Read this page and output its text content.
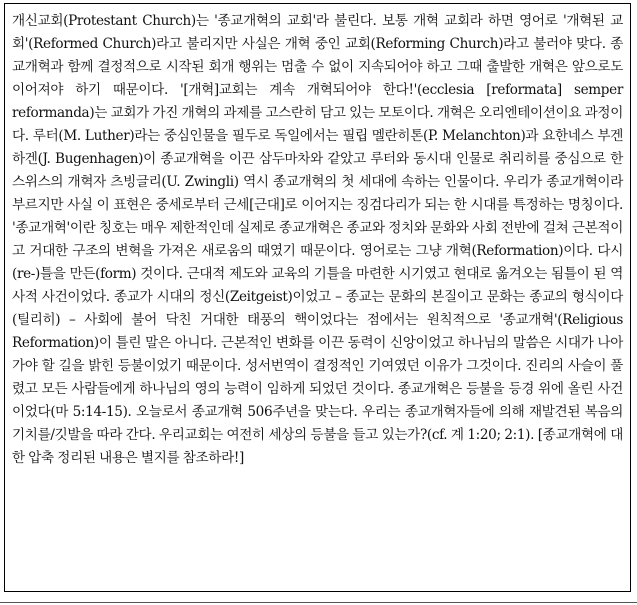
개신교회(Protestant Church)는 '종교개혁의 교회'라 불린다. 보통 개혁 교회라 하면 영어로 '개혁된 교회'(Reformed Church)라고 불리지만 사실은 개혁 중인 교회(Reforming Church)라고 불러야 맞다. 종교개혁과 함께 결정적으로 시작된 회개 행위는 멈출 수 없이 지속되어야 하고 그때 출발한 개혁은 앞으로도 이어져야 하기 때문이다. '[개혁]교회는 계속 개혁되어야 한다!'(ecclesia [reformata] semper reformanda)는 교회가 가진 개혁의 과제를 고스란히 담고 있는 모토이다. 개혁은 오리엔테이션이요 과정이다. 루터(M. Luther)라는 중심인물을 필두로 독일에서는 필립 멜란히톤(P. Melanchton)과 요한네스 부겐하겐(J. Bugenhagen)이 종교개혁을 이끈 삼두마차와 같았고 루터와 동시대 인물로 취리히를 중심으로 한 스위스의 개혁자 츠빙글리(U. Zwingli) 역시 종교개혁의 첫 세대에 속하는 인물이다. 우리가 종교개혁이라 부르지만 사실 이 표현은 중세로부터 근세[근대]로 이어지는 징검다리가 되는 한 시대를 특정하는 명칭이다. '종교개혁'이란 칭호는 매우 제한적인데 실제로 종교개혁은 종교와 정치와 문화와 사회 전반에 걸쳐 근본적이고 거대한 구조의 변혁을 가져온 새로움의 때였기 때문이다. 영어로는 그냥 개혁(Reformation)이다. 다시(re-)틀을 만든(form) 것이다. 근대적 제도와 교육의 기틀을 마련한 시기였고 현대로 옮겨오는 됨틀이 된 역사적 사건이었다. 종교가 시대의 정신(Zeitgeist)이었고 – 종교는 문화의 본질이고 문화는 종교의 형식이다(틸리히) – 사회에 불어 닥친 거대한 태풍의 핵이었다는 점에서는 원칙적으로 '종교개혁'(Religious Reformation)이 틀린 말은 아니다. 근본적인 변화를 이끈 동력이 신앙이었고 하나님의 말씀은 시대가 나아가야 할 길을 밝힌 등불이었기 때문이다. 성서번역이 결정적인 기여였던 이유가 그것이다. 진리의 사슬이 풀렸고 모든 사람들에게 하나님의 영의 능력이 임하게 되었던 것이다. 종교개혁은 등불을 등경 위에 올린 사건이었다(마 5:14-15). 오늘로서 종교개혁 506주년을 맞는다. 우리는 종교개혁자들에 의해 재발견된 복음의 기치를/깃발을 따라 간다. 우리교회는 여전히 세상의 등불을 들고 있는가?(cf. 계 1:20; 2:1). [종교개혁에 대한 압축 정리된 내용은 별지를 참조하라!]
